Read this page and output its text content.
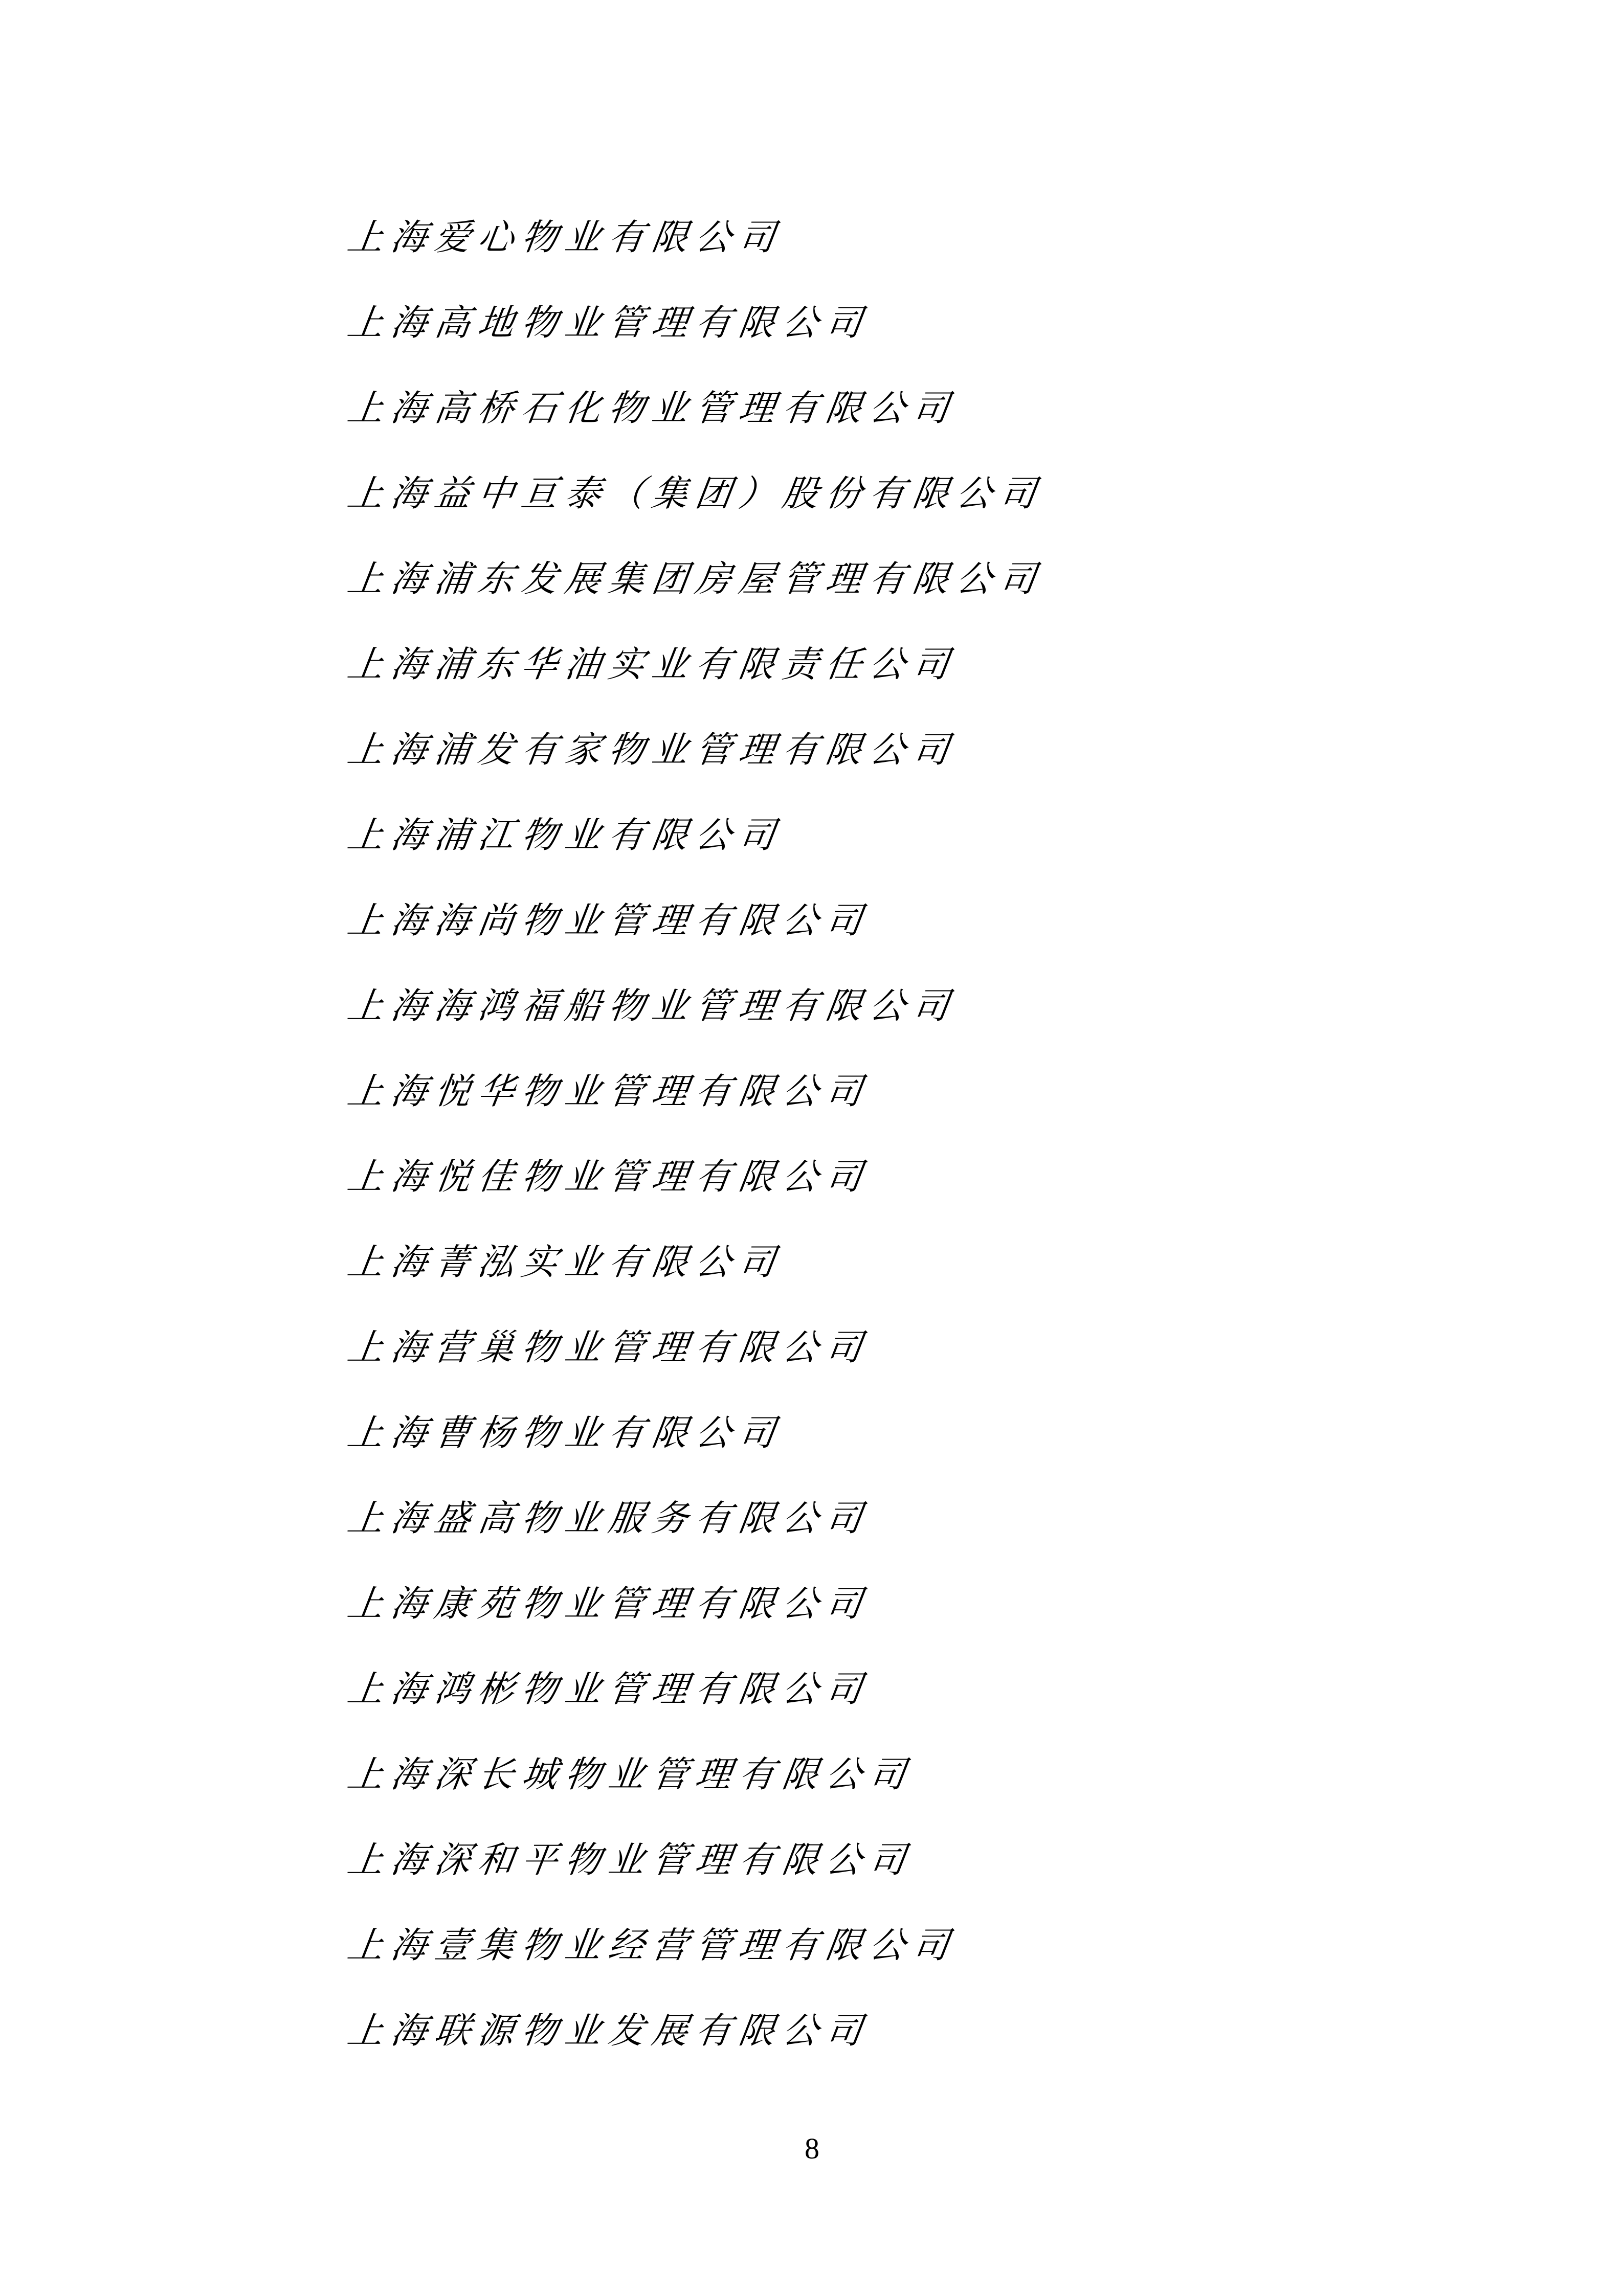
上海爱心物业有限公司
上海高地物业管理有限公司
上海高桥石化物业管理有限公司
上海益中亘泰（集团）股份有限公司
上海浦东发展集团房屋管理有限公司
上海浦东华油实业有限责任公司
上海浦发有家物业管理有限公司
上海浦江物业有限公司
上海海尚物业管理有限公司
上海海鸿福船物业管理有限公司
上海悦华物业管理有限公司
上海悦佳物业管理有限公司
上海菁泓实业有限公司
上海营巢物业管理有限公司
上海曹杨物业有限公司
上海盛高物业服务有限公司
上海康苑物业管理有限公司
上海鸿彬物业管理有限公司
上海深长城物业管理有限公司
上海深和平物业管理有限公司
上海壹集物业经营管理有限公司
上海联源物业发展有限公司
8
